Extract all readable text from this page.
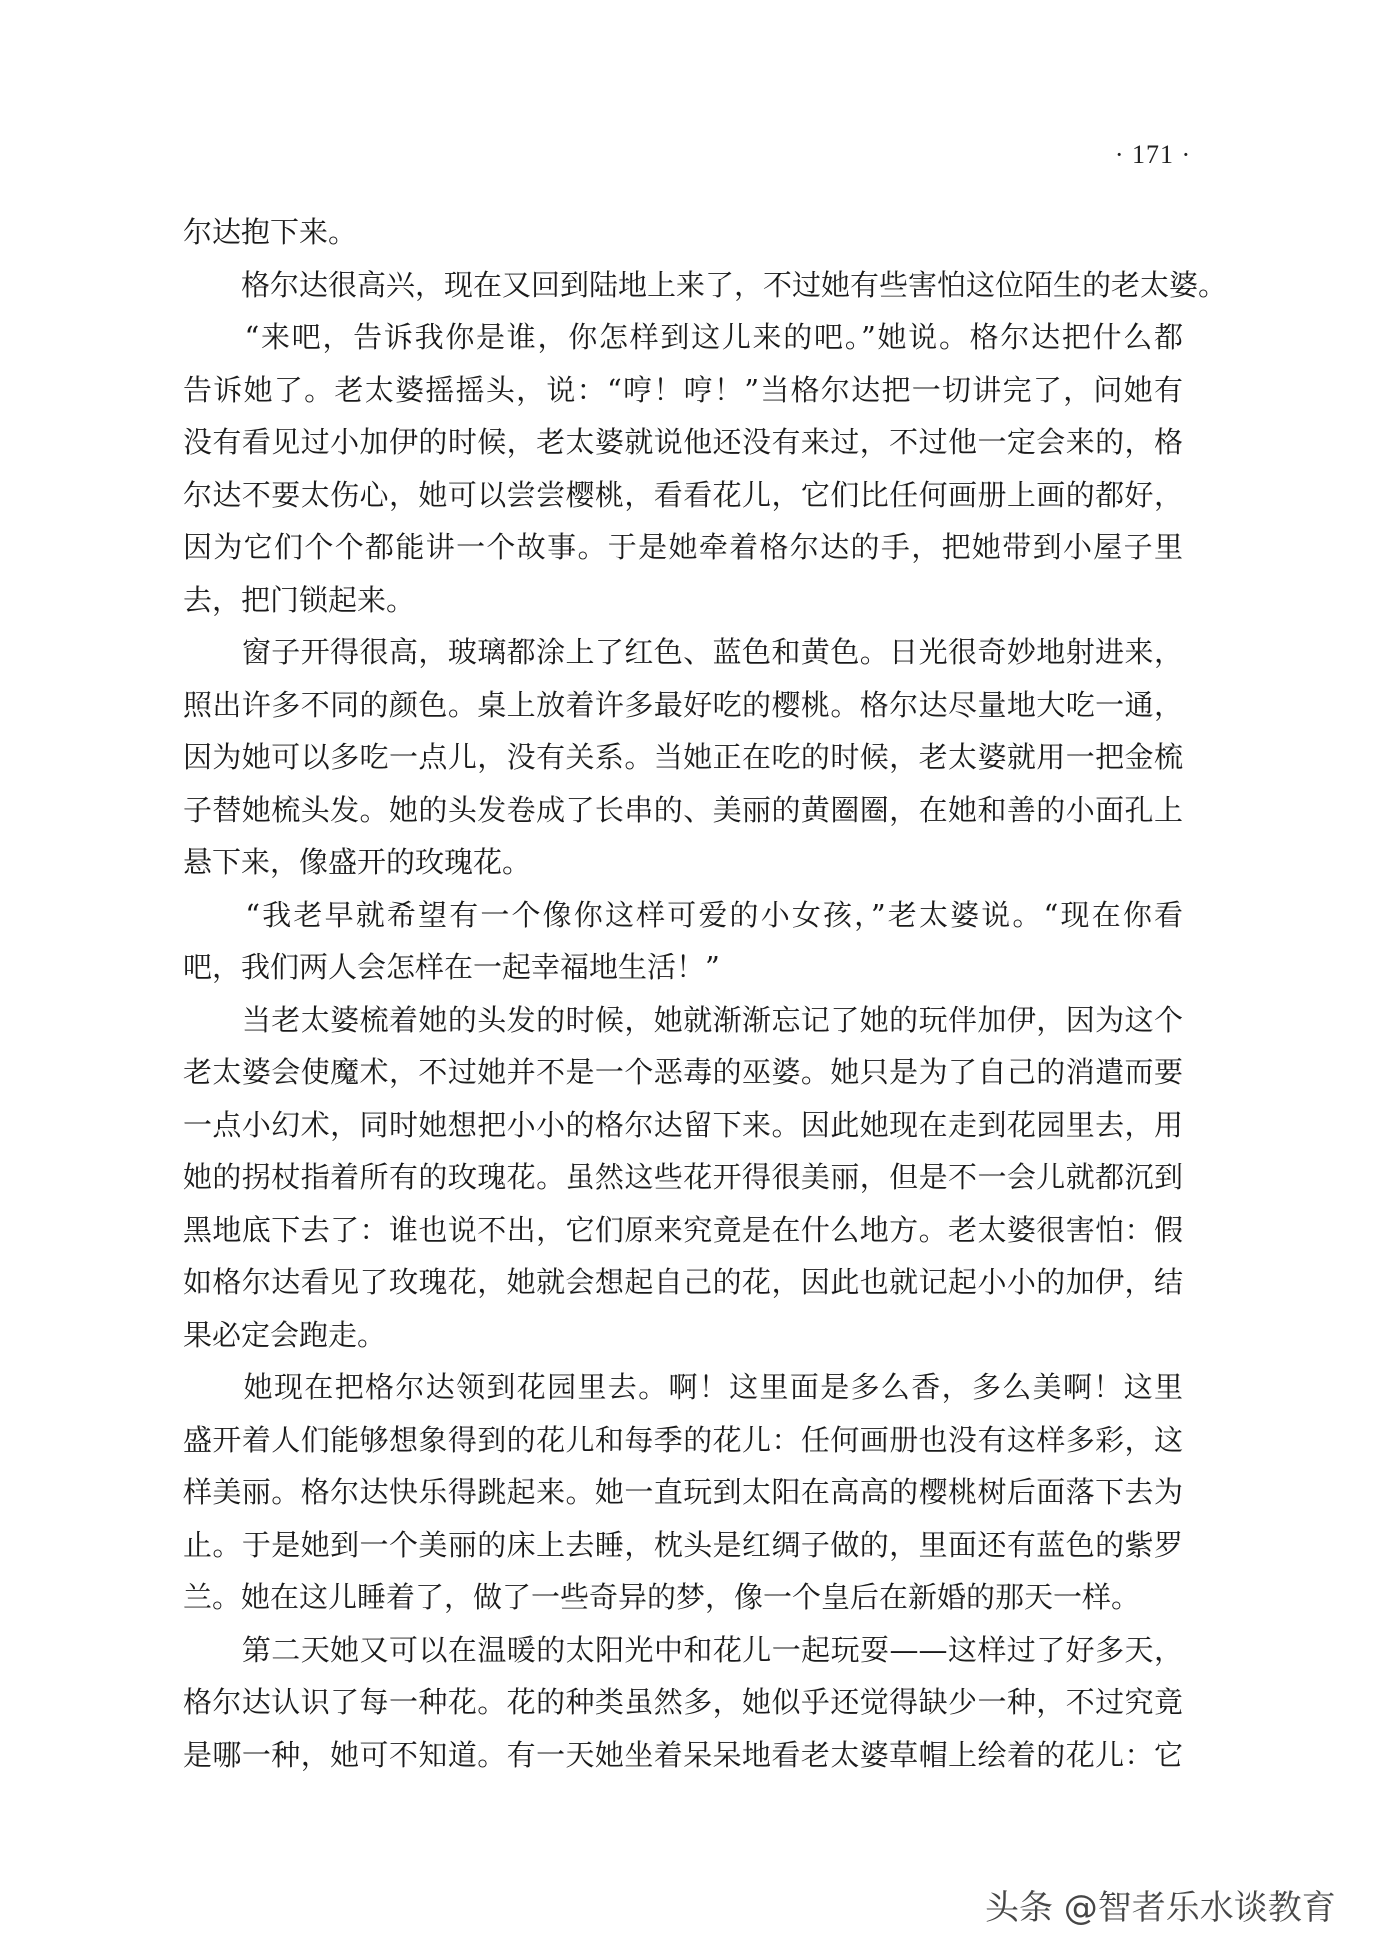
· 171 ·
尔达抱下来。
　　格尔达很高兴，现在又回到陆地上来了，不过她有些害怕这位陌生的老太婆。
　　“来吧，告诉我你是谁，你怎样到这儿来的吧。”她说。格尔达把什么都
告诉她了。老太婆摇摇头，说：“哼！哼！”当格尔达把一切讲完了，问她有
没有看见过小加伊的时候，老太婆就说他还没有来过，不过他一定会来的，格
尔达不要太伤心，她可以尝尝樱桃，看看花儿，它们比任何画册上画的都好，
因为它们个个都能讲一个故事。于是她牵着格尔达的手，把她带到小屋子里
去，把门锁起来。
　　窗子开得很高，玻璃都涂上了红色、蓝色和黄色。日光很奇妙地射进来，
照出许多不同的颜色。桌上放着许多最好吃的樱桃。格尔达尽量地大吃一通，
因为她可以多吃一点儿，没有关系。当她正在吃的时候，老太婆就用一把金梳
子替她梳头发。她的头发卷成了长串的、美丽的黄圈圈，在她和善的小面孔上
悬下来，像盛开的玫瑰花。
　　“我老早就希望有一个像你这样可爱的小女孩，”老太婆说。“现在你看
吧，我们两人会怎样在一起幸福地生活！”
　　当老太婆梳着她的头发的时候，她就渐渐忘记了她的玩伴加伊，因为这个
老太婆会使魔术，不过她并不是一个恶毒的巫婆。她只是为了自己的消遣而要
一点小幻术，同时她想把小小的格尔达留下来。因此她现在走到花园里去，用
她的拐杖指着所有的玫瑰花。虽然这些花开得很美丽，但是不一会儿就都沉到
黑地底下去了：谁也说不出，它们原来究竟是在什么地方。老太婆很害怕：假
如格尔达看见了玫瑰花，她就会想起自己的花，因此也就记起小小的加伊，结
果必定会跑走。
　　她现在把格尔达领到花园里去。啊！这里面是多么香，多么美啊！这里
盛开着人们能够想象得到的花儿和每季的花儿：任何画册也没有这样多彩，这
样美丽。格尔达快乐得跳起来。她一直玩到太阳在高高的樱桃树后面落下去为
止。于是她到一个美丽的床上去睡，枕头是红绸子做的，里面还有蓝色的紫罗
兰。她在这儿睡着了，做了一些奇异的梦，像一个皇后在新婚的那天一样。
　　第二天她又可以在温暖的太阳光中和花儿一起玩耍——这样过了好多天，
格尔达认识了每一种花。花的种类虽然多，她似乎还觉得缺少一种，不过究竟
是哪一种，她可不知道。有一天她坐着呆呆地看老太婆草帽上绘着的花儿：它
头条 @智者乐水谈教育
